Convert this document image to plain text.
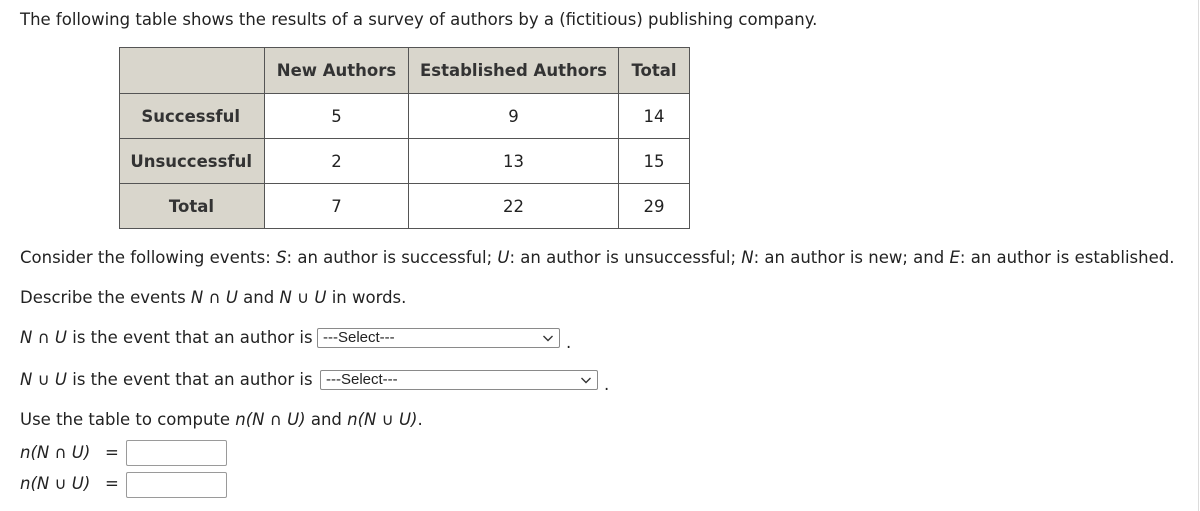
The following table shows the results of a survey of authors by a (fictitious) publishing company.
	New Authors	Established Authors	Total
Successful	5	9	14
Unsuccessful	2	13	15
Total	7	22	29
Consider the following events: S: an author is successful; U: an author is unsuccessful; N: an author is new; and E: an author is established.
Describe the events N ∩ U and N ∪ U in words.
N ∩ U is the event that an author is ---Select---	.
N ∪ U is the event that an author is ---Select---	.
Use the table to compute n(N ∩ U) and n(N ∪ U).
n(N ∩ U) =
n(N ∪ U) =
